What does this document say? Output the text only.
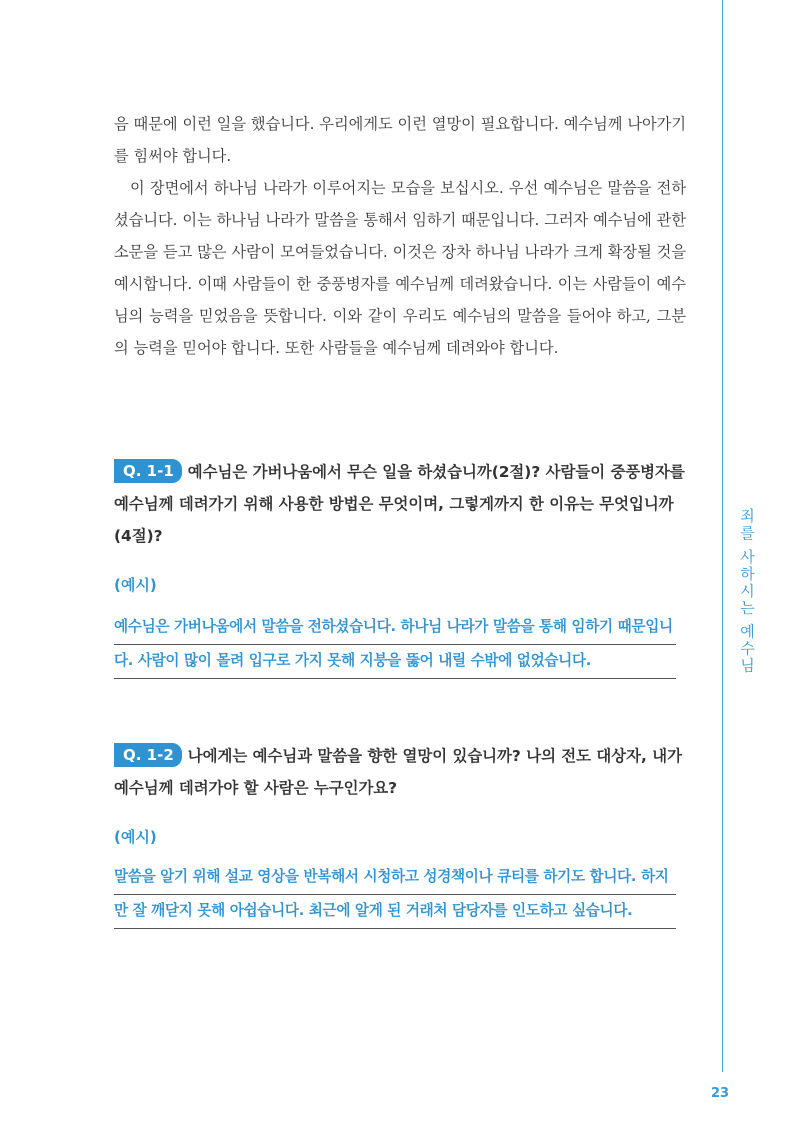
죄를 사하시는 예수님
23

음 때문에 이런 일을 했습니다. 우리에게도 이런 열망이 필요합니다. 예수님께 나아가기를 힘써야 합니다.

이 장면에서 하나님 나라가 이루어지는 모습을 보십시오. 우선 예수님은 말씀을 전하셨습니다. 이는 하나님 나라가 말씀을 통해서 임하기 때문입니다. 그러자 예수님에 관한 소문을 듣고 많은 사람이 모여들었습니다. 이것은 장차 하나님 나라가 크게 확장될 것을 예시합니다. 이때 사람들이 한 중풍병자를 예수님께 데려왔습니다. 이는 사람들이 예수님의 능력을 믿었음을 뜻합니다. 이와 같이 우리도 예수님의 말씀을 들어야 하고, 그분의 능력을 믿어야 합니다. 또한 사람들을 예수님께 데려와야 합니다.

Q. 1-1 예수님은 가버나움에서 무슨 일을 하셨습니까(2절)? 사람들이 중풍병자를 예수님께 데려가기 위해 사용한 방법은 무엇이며, 그렇게까지 한 이유는 무엇입니까(4절)?
(예시)
예수님은 가버나움에서 말씀을 전하셨습니다. 하나님 나라가 말씀을 통해 임하기 때문입니
다. 사람이 많이 몰려 입구로 가지 못해 지붕을 뚫어 내릴 수밖에 없었습니다.
Q. 1-2 나에게는 예수님과 말씀을 향한 열망이 있습니까? 나의 전도 대상자, 내가 예수님께 데려가야 할 사람은 누구인가요?
(예시)
말씀을 알기 위해 설교 영상을 반복해서 시청하고 성경책이나 큐티를 하기도 합니다. 하지
만 잘 깨닫지 못해 아쉽습니다. 최근에 알게 된 거래처 담당자를 인도하고 싶습니다.
